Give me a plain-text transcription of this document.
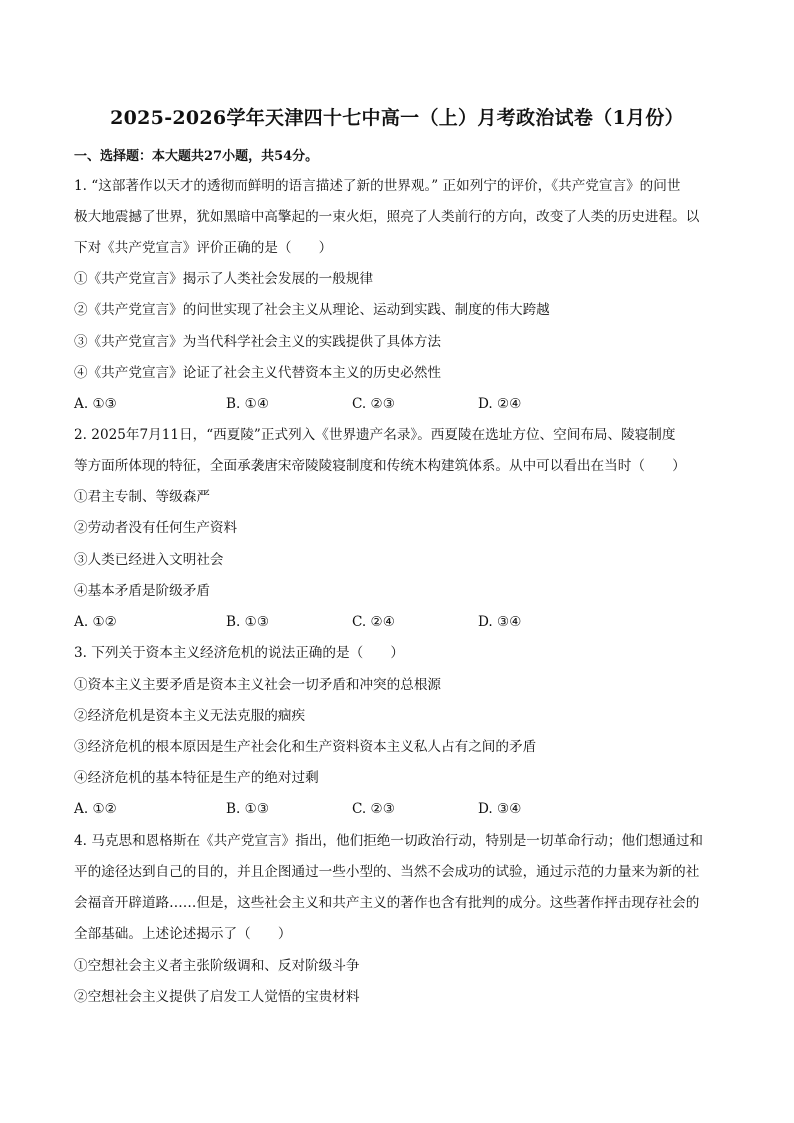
2025-2026学年天津四十七中高一（上）月考政治试卷（1月份）
一、选择题：本大题共27小题，共54分。
1. “这部著作以天才的透彻而鲜明的语言描述了新的世界观。” 正如列宁的评价，《共产党宣言》的问世
极大地震撼了世界，犹如黑暗中高擎起的一束火炬，照亮了人类前行的方向，改变了人类的历史进程。以
下对《共产党宣言》评价正确的是（　　）
①《共产党宣言》揭示了人类社会发展的一般规律
②《共产党宣言》的问世实现了社会主义从理论、运动到实践、制度的伟大跨越
③《共产党宣言》为当代科学社会主义的实践提供了具体方法
④《共产党宣言》论证了社会主义代替资本主义的历史必然性
A. ①③	B. ①④	C. ②③	D. ②④
2. 2025年7月11日，“西夏陵”正式列入《世界遗产名录》。西夏陵在选址方位、空间布局、陵寝制度
等方面所体现的特征，全面承袭唐宋帝陵陵寝制度和传统木构建筑体系。从中可以看出在当时（　　）
①君主专制、等级森严
②劳动者没有任何生产资料
③人类已经进入文明社会
④基本矛盾是阶级矛盾
A. ①②	B. ①③	C. ②④	D. ③④
3. 下列关于资本主义经济危机的说法正确的是（　　）
①资本主义主要矛盾是资本主义社会一切矛盾和冲突的总根源
②经济危机是资本主义无法克服的痼疾
③经济危机的根本原因是生产社会化和生产资料资本主义私人占有之间的矛盾
④经济危机的基本特征是生产的绝对过剩
A. ①②	B. ①③	C. ②③	D. ③④
4. 马克思和恩格斯在《共产党宣言》指出，他们拒绝一切政治行动，特别是一切革命行动；他们想通过和
平的途径达到自己的目的，并且企图通过一些小型的、当然不会成功的试验，通过示范的力量来为新的社
会福音开辟道路……但是，这些社会主义和共产主义的著作也含有批判的成分。这些著作抨击现存社会的
全部基础。上述论述揭示了（　　）
①空想社会主义者主张阶级调和、反对阶级斗争
②空想社会主义提供了启发工人觉悟的宝贵材料
